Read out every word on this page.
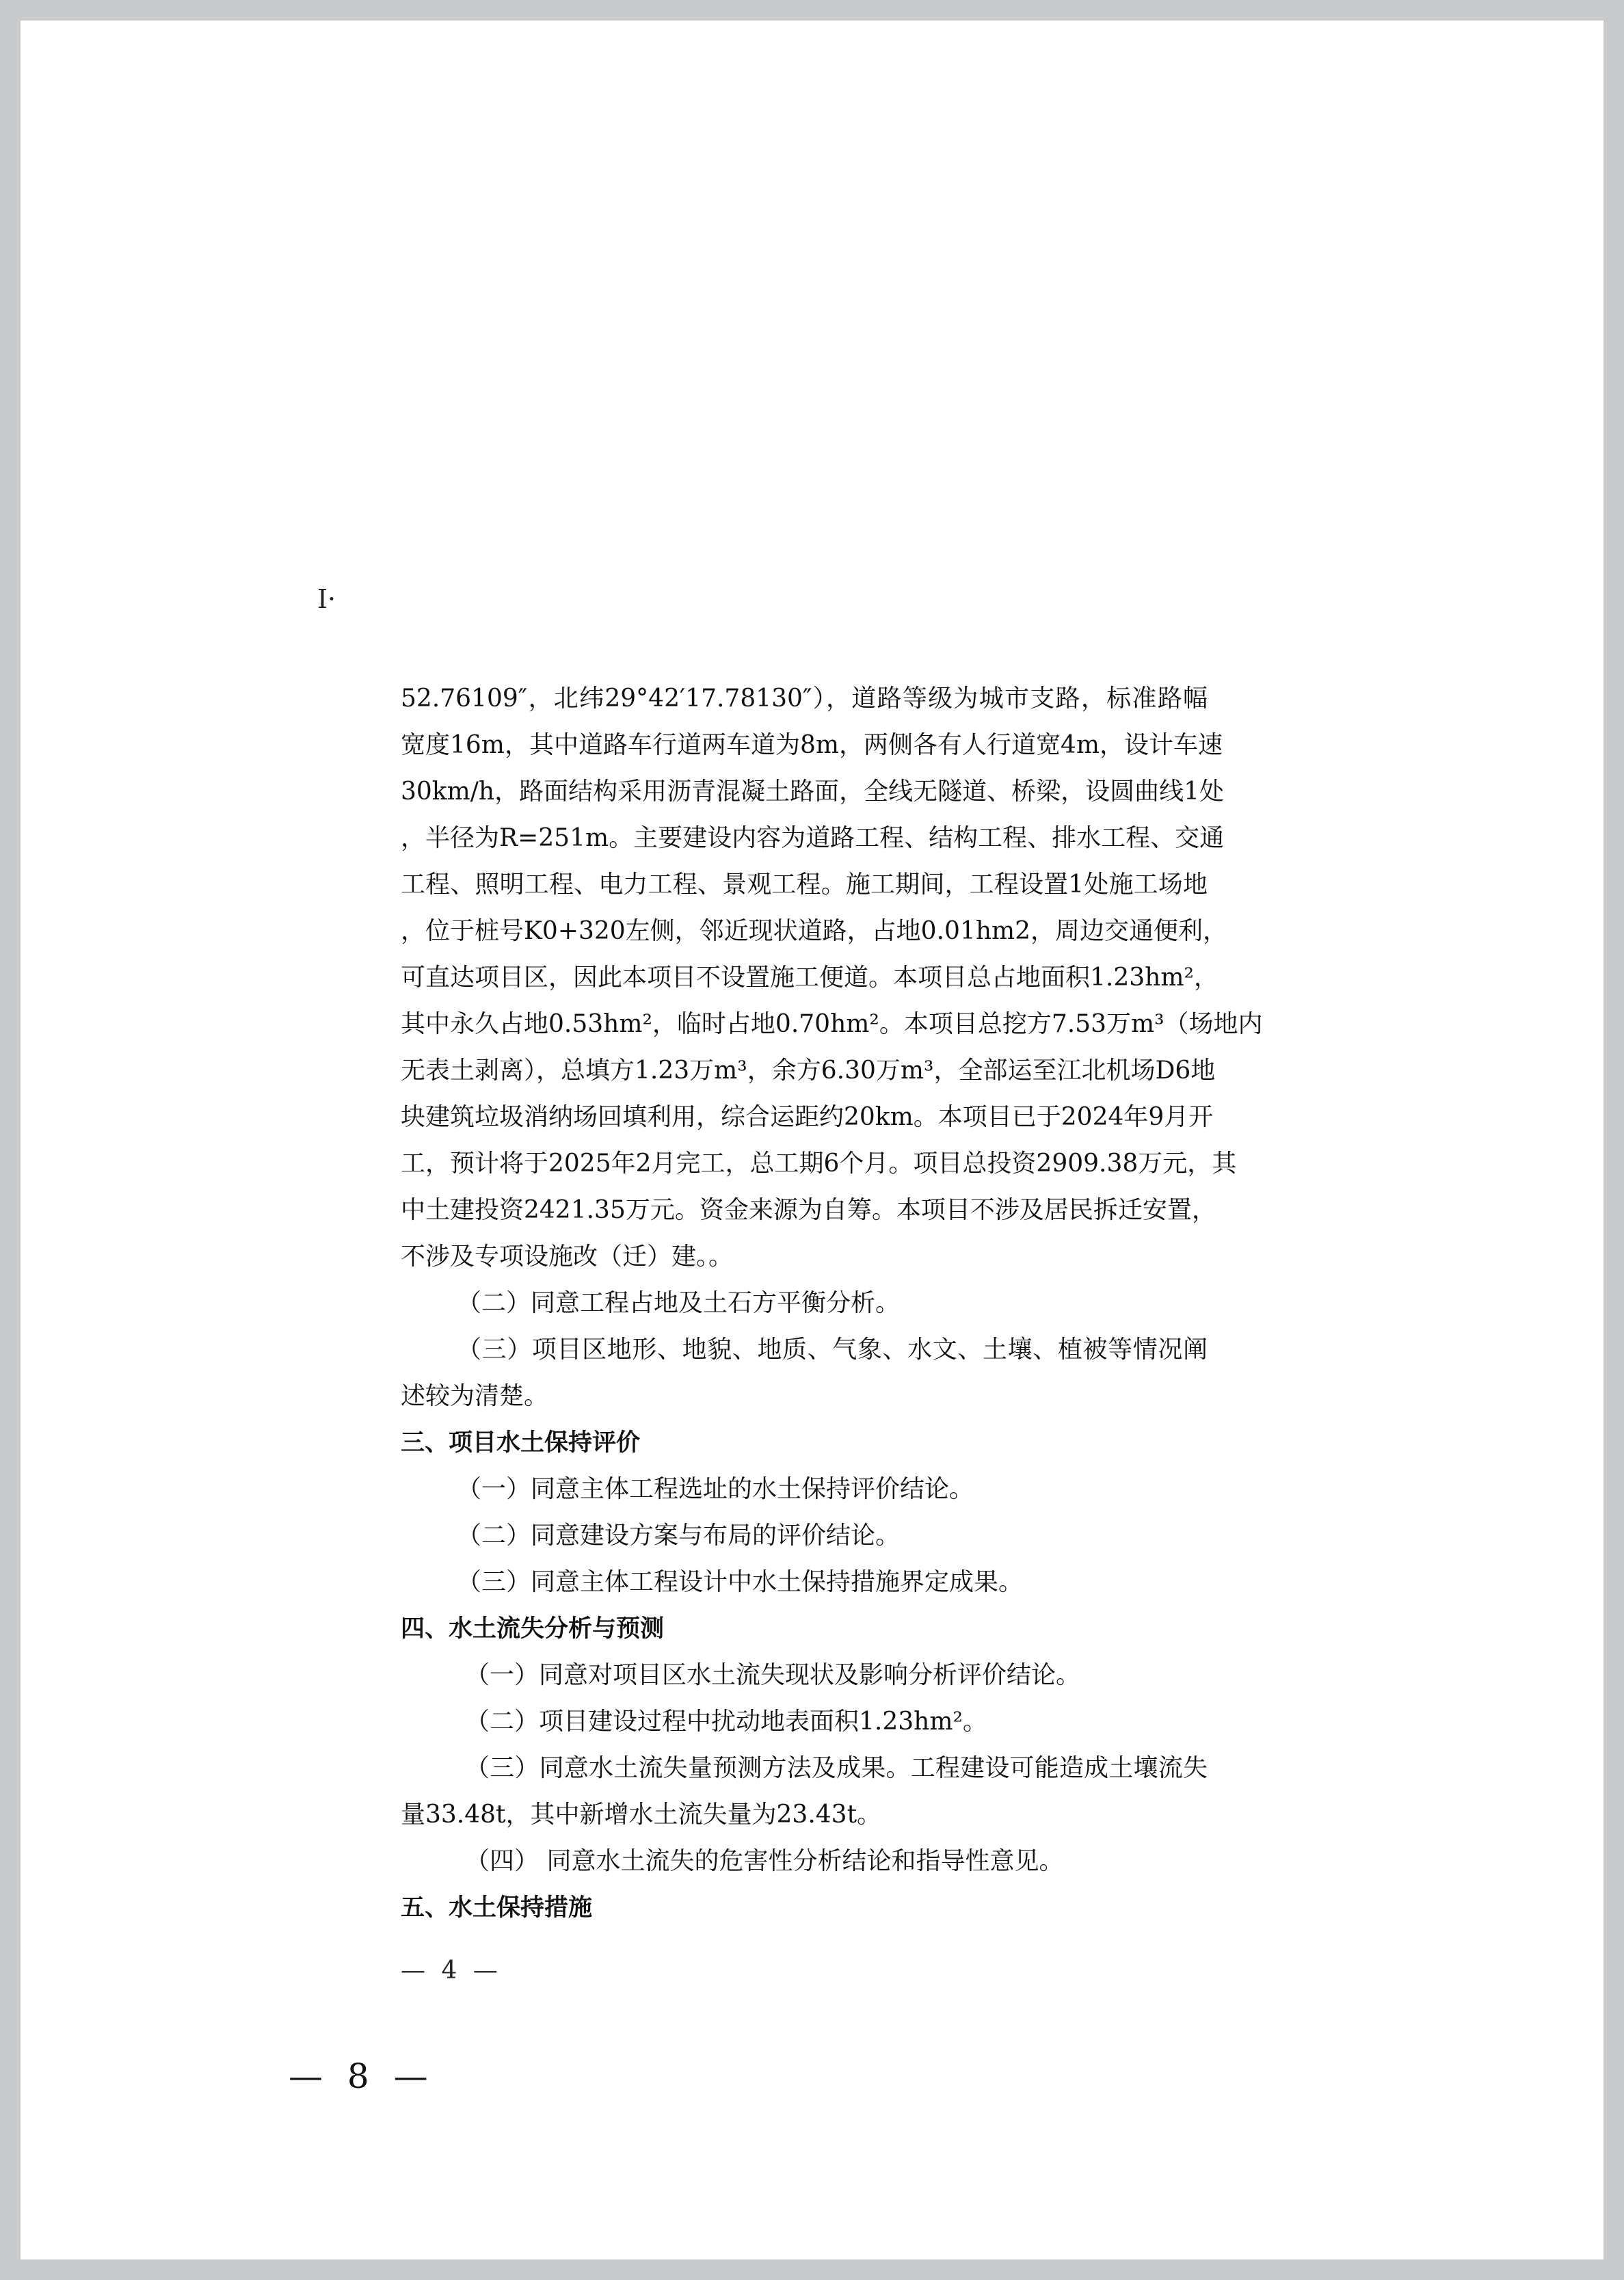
I·
52.76109″，北纬29°42′17.78130″），道路等级为城市支路，标准路幅
宽度16m，其中道路车行道两车道为8m，两侧各有人行道宽4m，设计车速
30km/h，路面结构采用沥青混凝土路面，全线无隧道、桥梁，设圆曲线1处
，半径为R=251m。主要建设内容为道路工程、结构工程、排水工程、交通
工程、照明工程、电力工程、景观工程。施工期间，工程设置1处施工场地
，位于桩号K0+320左侧，邻近现状道路，占地0.01hm2，周边交通便利，
可直达项目区，因此本项目不设置施工便道。本项目总占地面积1.23hm²，
其中永久占地0.53hm²，临时占地0.70hm²。本项目总挖方7.53万m³（场地内
无表土剥离），总填方1.23万m³，余方6.30万m³，全部运至江北机场D6地
块建筑垃圾消纳场回填利用，综合运距约20km。本项目已于2024年9月开
工，预计将于2025年2月完工，总工期6个月。项目总投资2909.38万元，其
中土建投资2421.35万元。资金来源为自筹。本项目不涉及居民拆迁安置，
不涉及专项设施改（迁）建。。
（二）同意工程占地及土石方平衡分析。
（三）项目区地形、地貌、地质、气象、水文、土壤、植被等情况阐
述较为清楚。
三、项目水土保持评价
（一）同意主体工程选址的水土保持评价结论。
（二）同意建设方案与布局的评价结论。
（三）同意主体工程设计中水土保持措施界定成果。
四、水土流失分析与预测
（一）同意对项目区水土流失现状及影响分析评价结论。
（二）项目建设过程中扰动地表面积1.23hm²。
（三）同意水土流失量预测方法及成果。工程建设可能造成土壤流失
量33.48t，其中新增水土流失量为23.43t。
（四） 同意水土流失的危害性分析结论和指导性意见。
五、水土保持措施
— 4 —
— 8 —
